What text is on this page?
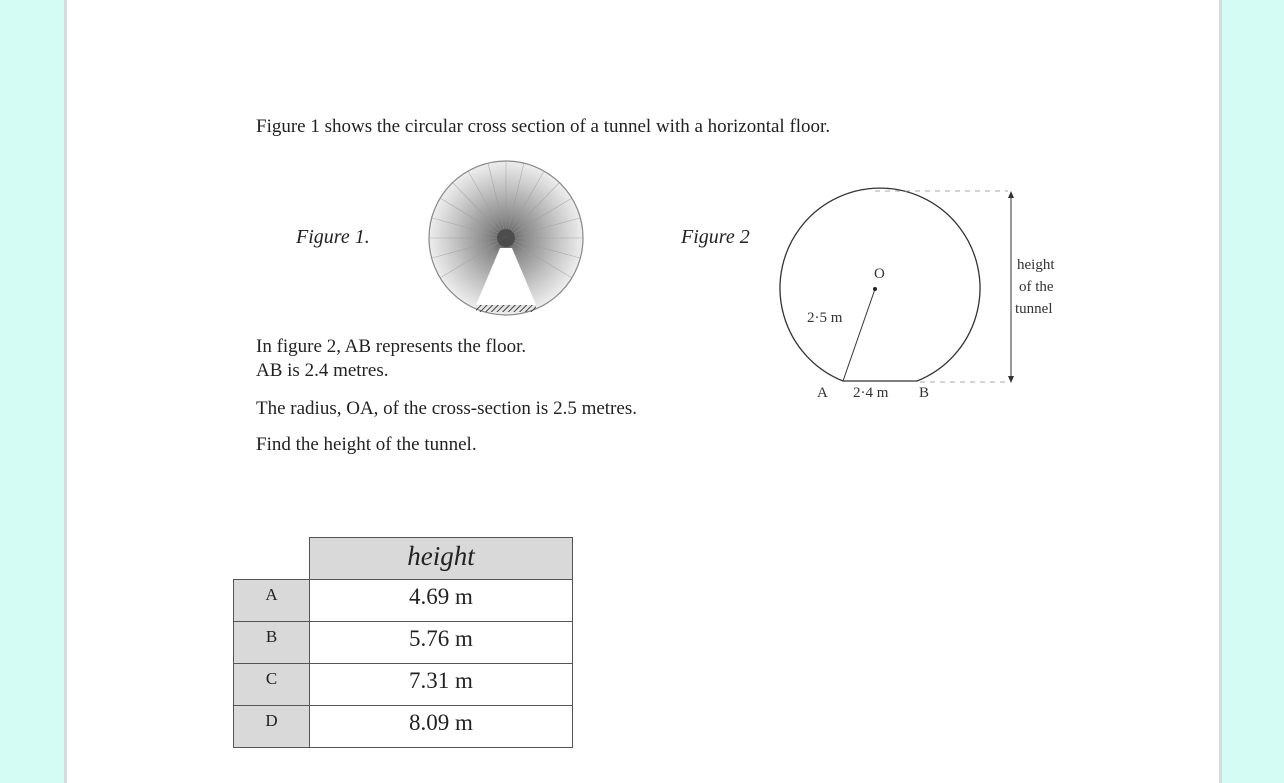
Figure 1 shows the circular cross section of a tunnel with a horizontal floor.
Figure 1.	Figure 2
O
2·5 m
A 2·4 m B
height
of the
tunnel
In figure 2, AB represents the floor.
AB is 2.4 metres.
The radius, OA, of the cross-section is 2.5 metres.
Find the height of the tunnel.
	height
A	4.69 m
B	5.76 m
C	7.31 m
D	8.09 m
